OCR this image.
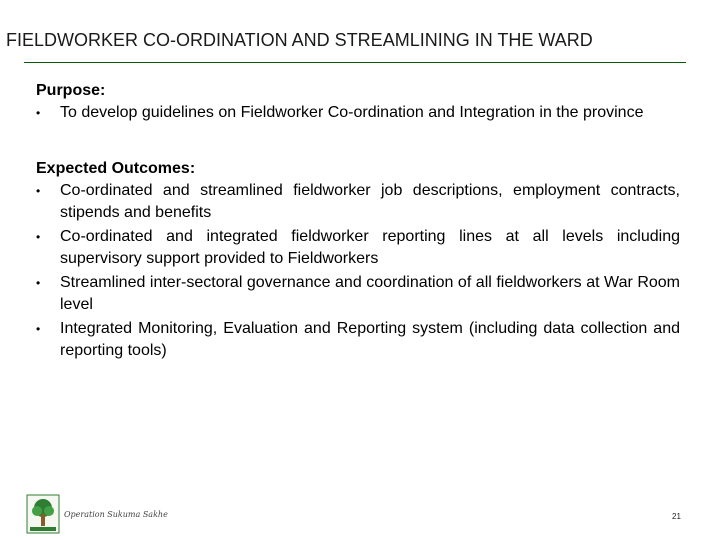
FIELDWORKER CO-ORDINATION AND STREAMLINING IN THE WARD
Purpose:
• To develop guidelines on Fieldworker Co-ordination and Integration in the province
Expected Outcomes:
• Co-ordinated and streamlined fieldworker job descriptions, employment contracts, stipends and benefits
• Co-ordinated and integrated fieldworker reporting lines at all levels including supervisory support provided to Fieldworkers
• Streamlined inter-sectoral governance and coordination of all fieldworkers at War Room level
• Integrated Monitoring, Evaluation and Reporting system (including data collection and reporting tools)
Operation Sukuma Sakhe	21
